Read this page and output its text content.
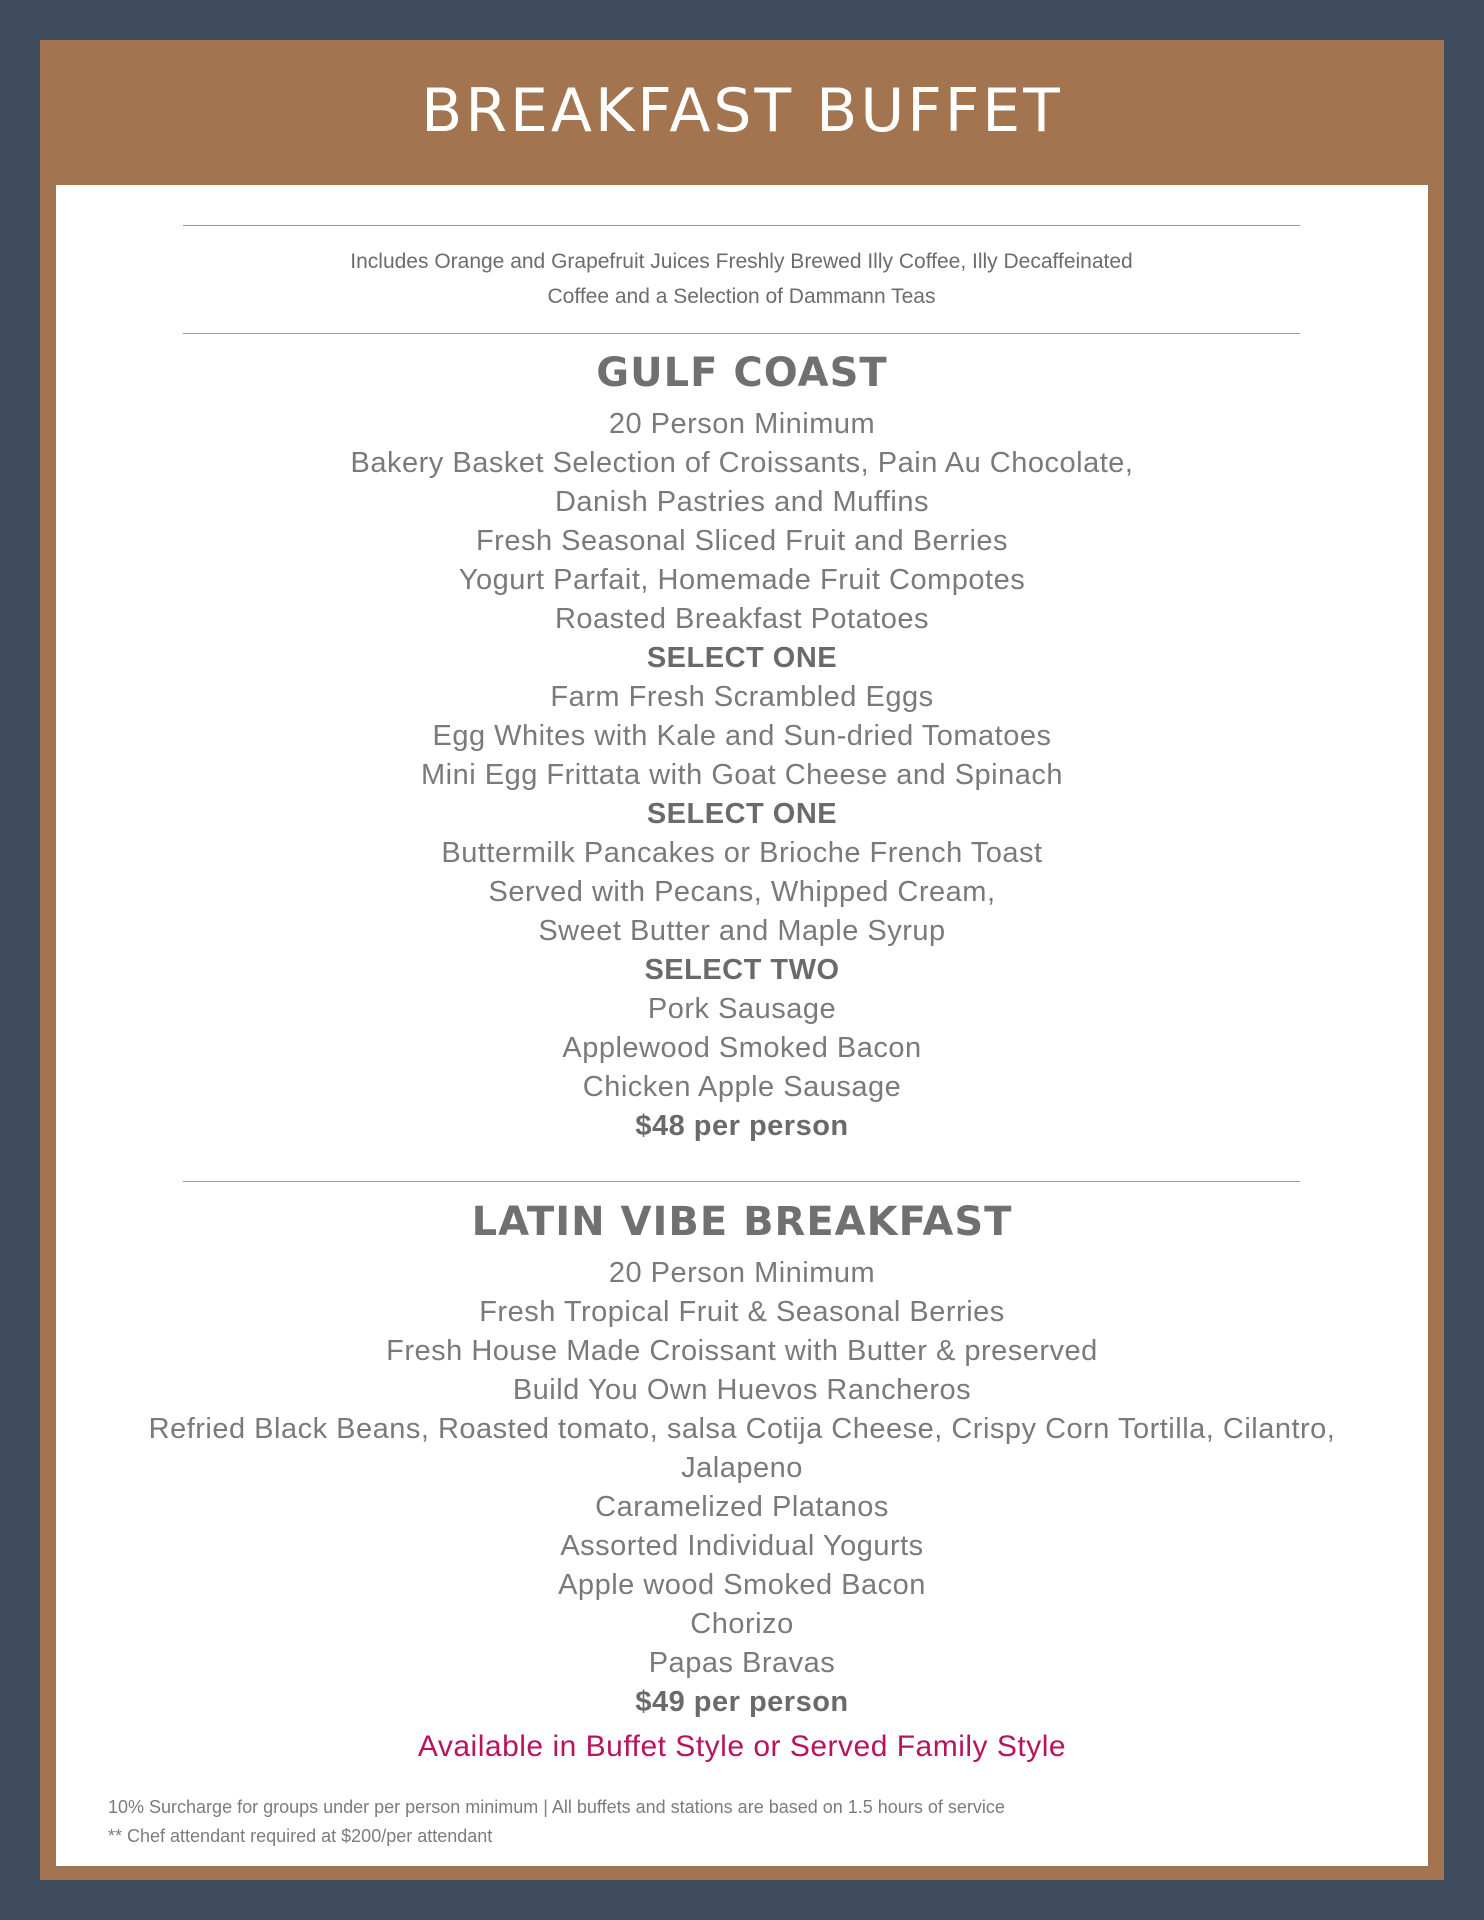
BREAKFAST BUFFET
Includes Orange and Grapefruit Juices Freshly Brewed Illy Coffee, Illy Decaffeinated
Coffee and a Selection of Dammann Teas
GULF COAST
20 Person Minimum
Bakery Basket Selection of Croissants, Pain Au Chocolate,
Danish Pastries and Muffins
Fresh Seasonal Sliced Fruit and Berries
Yogurt Parfait, Homemade Fruit Compotes
Roasted Breakfast Potatoes
SELECT ONE
Farm Fresh Scrambled Eggs
Egg Whites with Kale and Sun-dried Tomatoes
Mini Egg Frittata with Goat Cheese and Spinach
SELECT ONE
Buttermilk Pancakes or Brioche French Toast
Served with Pecans, Whipped Cream,
Sweet Butter and Maple Syrup
SELECT TWO
Pork Sausage
Applewood Smoked Bacon
Chicken Apple Sausage
$48 per person
LATIN VIBE BREAKFAST
20 Person Minimum
Fresh Tropical Fruit & Seasonal Berries
Fresh House Made Croissant with Butter & preserved
Build You Own Huevos Rancheros
Refried Black Beans, Roasted tomato, salsa Cotija Cheese, Crispy Corn Tortilla, Cilantro, Jalapeno
Caramelized Platanos
Assorted Individual Yogurts
Apple wood Smoked Bacon
Chorizo
Papas Bravas
$49 per person
Available in Buffet Style or Served Family Style
10% Surcharge for groups under per person minimum | All buffets and stations are based on 1.5 hours of service
** Chef attendant required at $200/per attendant
